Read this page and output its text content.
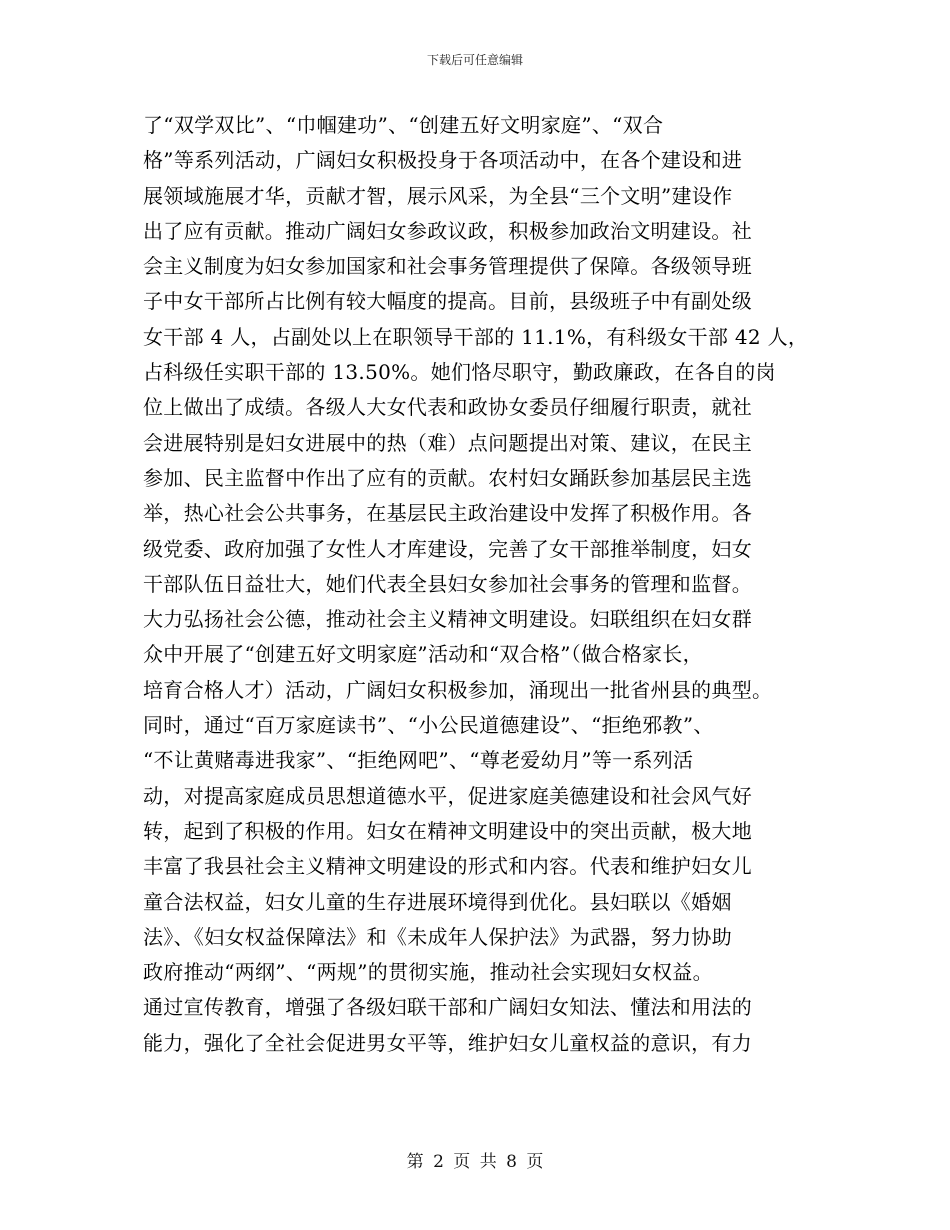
下载后可任意编辑
了“双学双比”、“巾帼建功”、“创建五好文明家庭”、“双合
格”等系列活动，广阔妇女积极投身于各项活动中，在各个建设和进
展领域施展才华，贡献才智，展示风采，为全县“三个文明”建设作
出了应有贡献。推动广阔妇女参政议政，积极参加政治文明建设。社
会主义制度为妇女参加国家和社会事务管理提供了保障。各级领导班
子中女干部所占比例有较大幅度的提高。目前，县级班子中有副处级
女干部 4 人，占副处以上在职领导干部的 11.1%，有科级女干部 42 人，
占科级任实职干部的 13.50%。她们恪尽职守，勤政廉政，在各自的岗
位上做出了成绩。各级人大女代表和政协女委员仔细履行职责，就社
会进展特别是妇女进展中的热（难）点问题提出对策、建议，在民主
参加、民主监督中作出了应有的贡献。农村妇女踊跃参加基层民主选
举，热心社会公共事务，在基层民主政治建设中发挥了积极作用。各
级党委、政府加强了女性人才库建设，完善了女干部推举制度，妇女
干部队伍日益壮大，她们代表全县妇女参加社会事务的管理和监督。
大力弘扬社会公德，推动社会主义精神文明建设。妇联组织在妇女群
众中开展了“创建五好文明家庭”活动和“双合格”（做合格家长，
培育合格人才）活动，广阔妇女积极参加，涌现出一批省州县的典型。
同时，通过“百万家庭读书”、“小公民道德建设”、“拒绝邪教”、
“不让黄赌毒进我家”、“拒绝网吧”、“尊老爱幼月”等一系列活
动，对提高家庭成员思想道德水平，促进家庭美德建设和社会风气好
转，起到了积极的作用。妇女在精神文明建设中的突出贡献，极大地
丰富了我县社会主义精神文明建设的形式和内容。代表和维护妇女儿
童合法权益，妇女儿童的生存进展环境得到优化。县妇联以《婚姻
法》、《妇女权益保障法》和《未成年人保护法》为武器，努力协助
政府推动“两纲”、“两规”的贯彻实施，推动社会实现妇女权益。
通过宣传教育，增强了各级妇联干部和广阔妇女知法、懂法和用法的
能力，强化了全社会促进男女平等，维护妇女儿童权益的意识，有力
第 2 页 共 8 页
